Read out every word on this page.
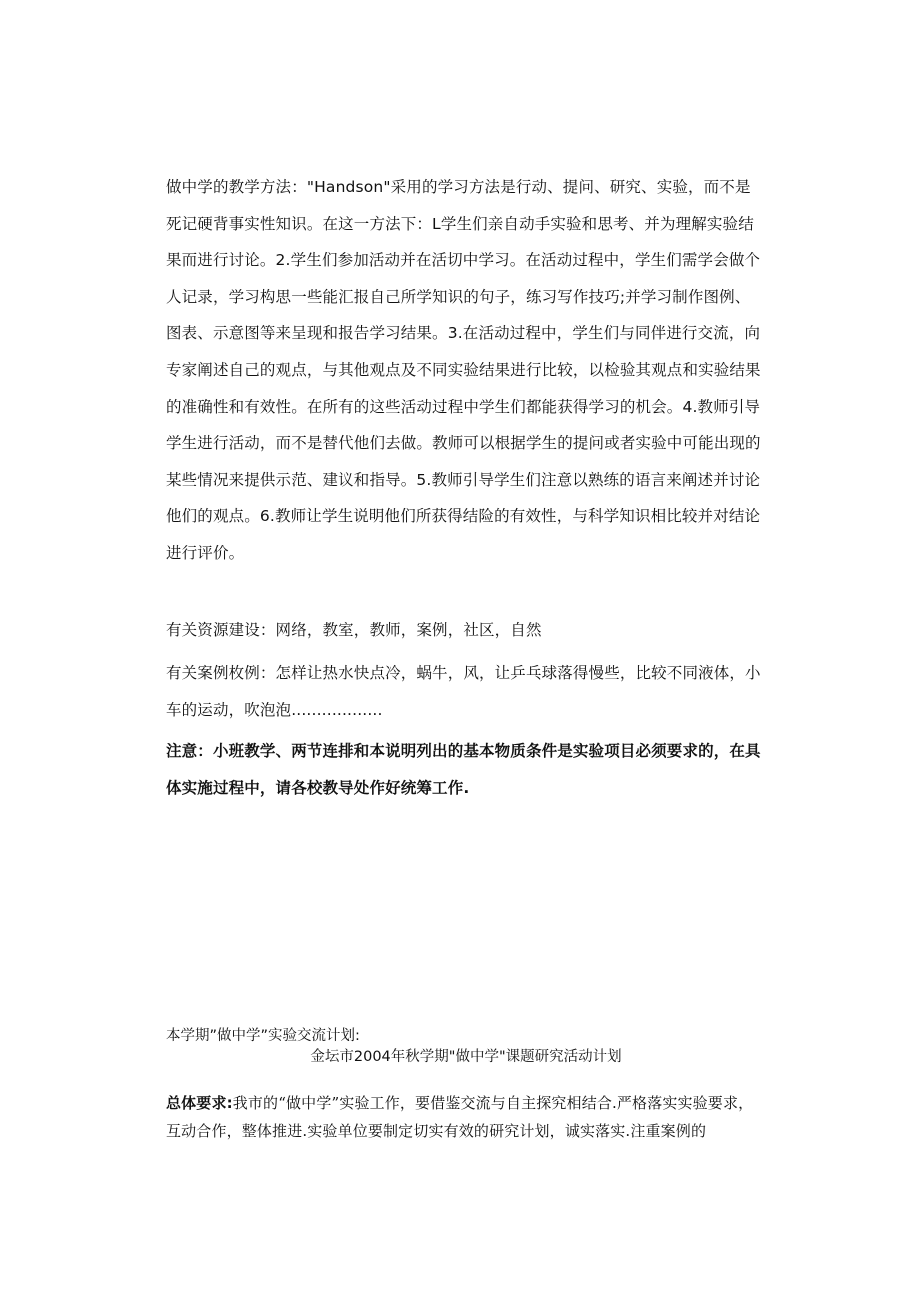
做中学的教学方法："Handson"采用的学习方法是行动、提问、研究、实验，而不是死记硬背事实性知识。在这一方法下：L学生们亲自动手实验和思考、并为理解实验结果而进行讨论。2.学生们参加活动并在活切中学习。在活动过程中，学生们需学会做个人记录，学习构思一些能汇报自己所学知识的句子，练习写作技巧;并学习制作图例、图表、示意图等来呈现和报告学习结果。3.在活动过程中，学生们与同伴进行交流，向专家阐述自己的观点，与其他观点及不同实验结果进行比较，以检验其观点和实验结果的准确性和有效性。在所有的这些活动过程中学生们都能获得学习的机会。4.教师引导学生进行活动，而不是替代他们去做。教师可以根据学生的提问或者实验中可能出现的某些情况来提供示范、建议和指导。5.教师引导学生们注意以熟练的语言来阐述并讨论他们的观点。6.教师让学生说明他们所获得结险的有效性，与科学知识相比较并对结论进行评价。

有关资源建设：网络，教室，教师，案例，社区，自然

有关案例枚例：怎样让热水快点冷，蜗牛，风，让乒乓球落得慢些，比较不同液体，小车的运动，吹泡泡..................

注意：小班教学、两节连排和本说明列出的基本物质条件是实验项目必须要求的，在具体实施过程中，请各校教导处作好统筹工作.

本学期”做中学”实验交流计划:

金坛市2004年秋学期"做中学"课题研究活动计划

总体要求:我市的“做中学”实验工作，要借鉴交流与自主探究相结合.严格落实实验要求，互动合作，整体推进.实验单位要制定切实有效的研究计划，诚实落实.注重案例的
